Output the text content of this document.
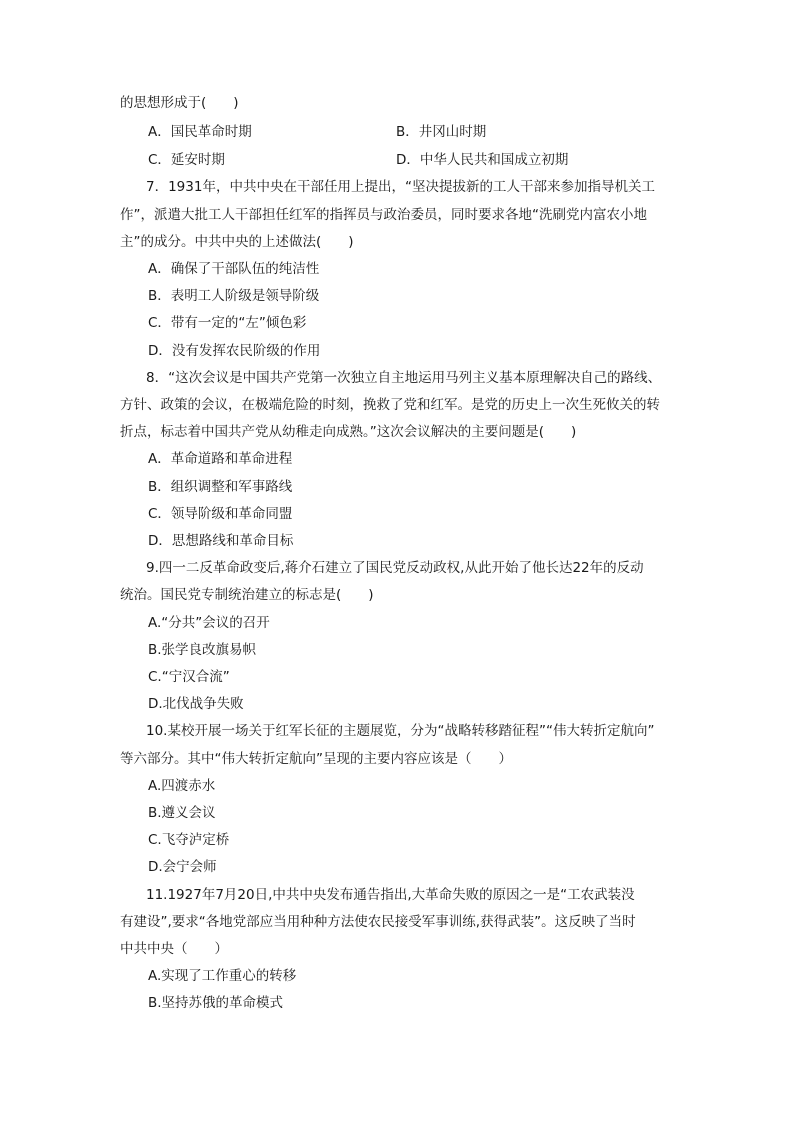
的思想形成于(　　)
A．国民革命时期	B．井冈山时期
C．延安时期	D．中华人民共和国成立初期
7．1931年，中共中央在干部任用上提出，“坚决提拔新的工人干部来参加指导机关工
作”，派遣大批工人干部担任红军的指挥员与政治委员，同时要求各地“洗刷党内富农小地
主”的成分。中共中央的上述做法(　　)
A．确保了干部队伍的纯洁性
B．表明工人阶级是领导阶级
C．带有一定的“左”倾色彩
D．没有发挥农民阶级的作用
8．“这次会议是中国共产党第一次独立自主地运用马列主义基本原理解决自己的路线、
方针、政策的会议，在极端危险的时刻，挽救了党和红军。是党的历史上一次生死攸关的转
折点，标志着中国共产党从幼稚走向成熟。”这次会议解决的主要问题是(　　)
A．革命道路和革命进程
B．组织调整和军事路线
C．领导阶级和革命同盟
D．思想路线和革命目标
9.四一二反革命政变后,蒋介石建立了国民党反动政权,从此开始了他长达22年的反动
统治。国民党专制统治建立的标志是(　　)
A.“分共”会议的召开
B.张学良改旗易帜
C.“宁汉合流”
D.北伐战争失败
10.某校开展一场关于红军长征的主题展览，分为“战略转移踏征程”“伟大转折定航向”
等六部分。其中“伟大转折定航向”呈现的主要内容应该是（　　）
A.四渡赤水
B.遵义会议
C.飞夺泸定桥
D.会宁会师
11.1927年7月20日,中共中央发布通告指出,大革命失败的原因之一是“工农武装没
有建设”,要求“各地党部应当用种种方法使农民接受军事训练,获得武装”。这反映了当时
中共中央（　　）
A.实现了工作重心的转移
B.坚持苏俄的革命模式
